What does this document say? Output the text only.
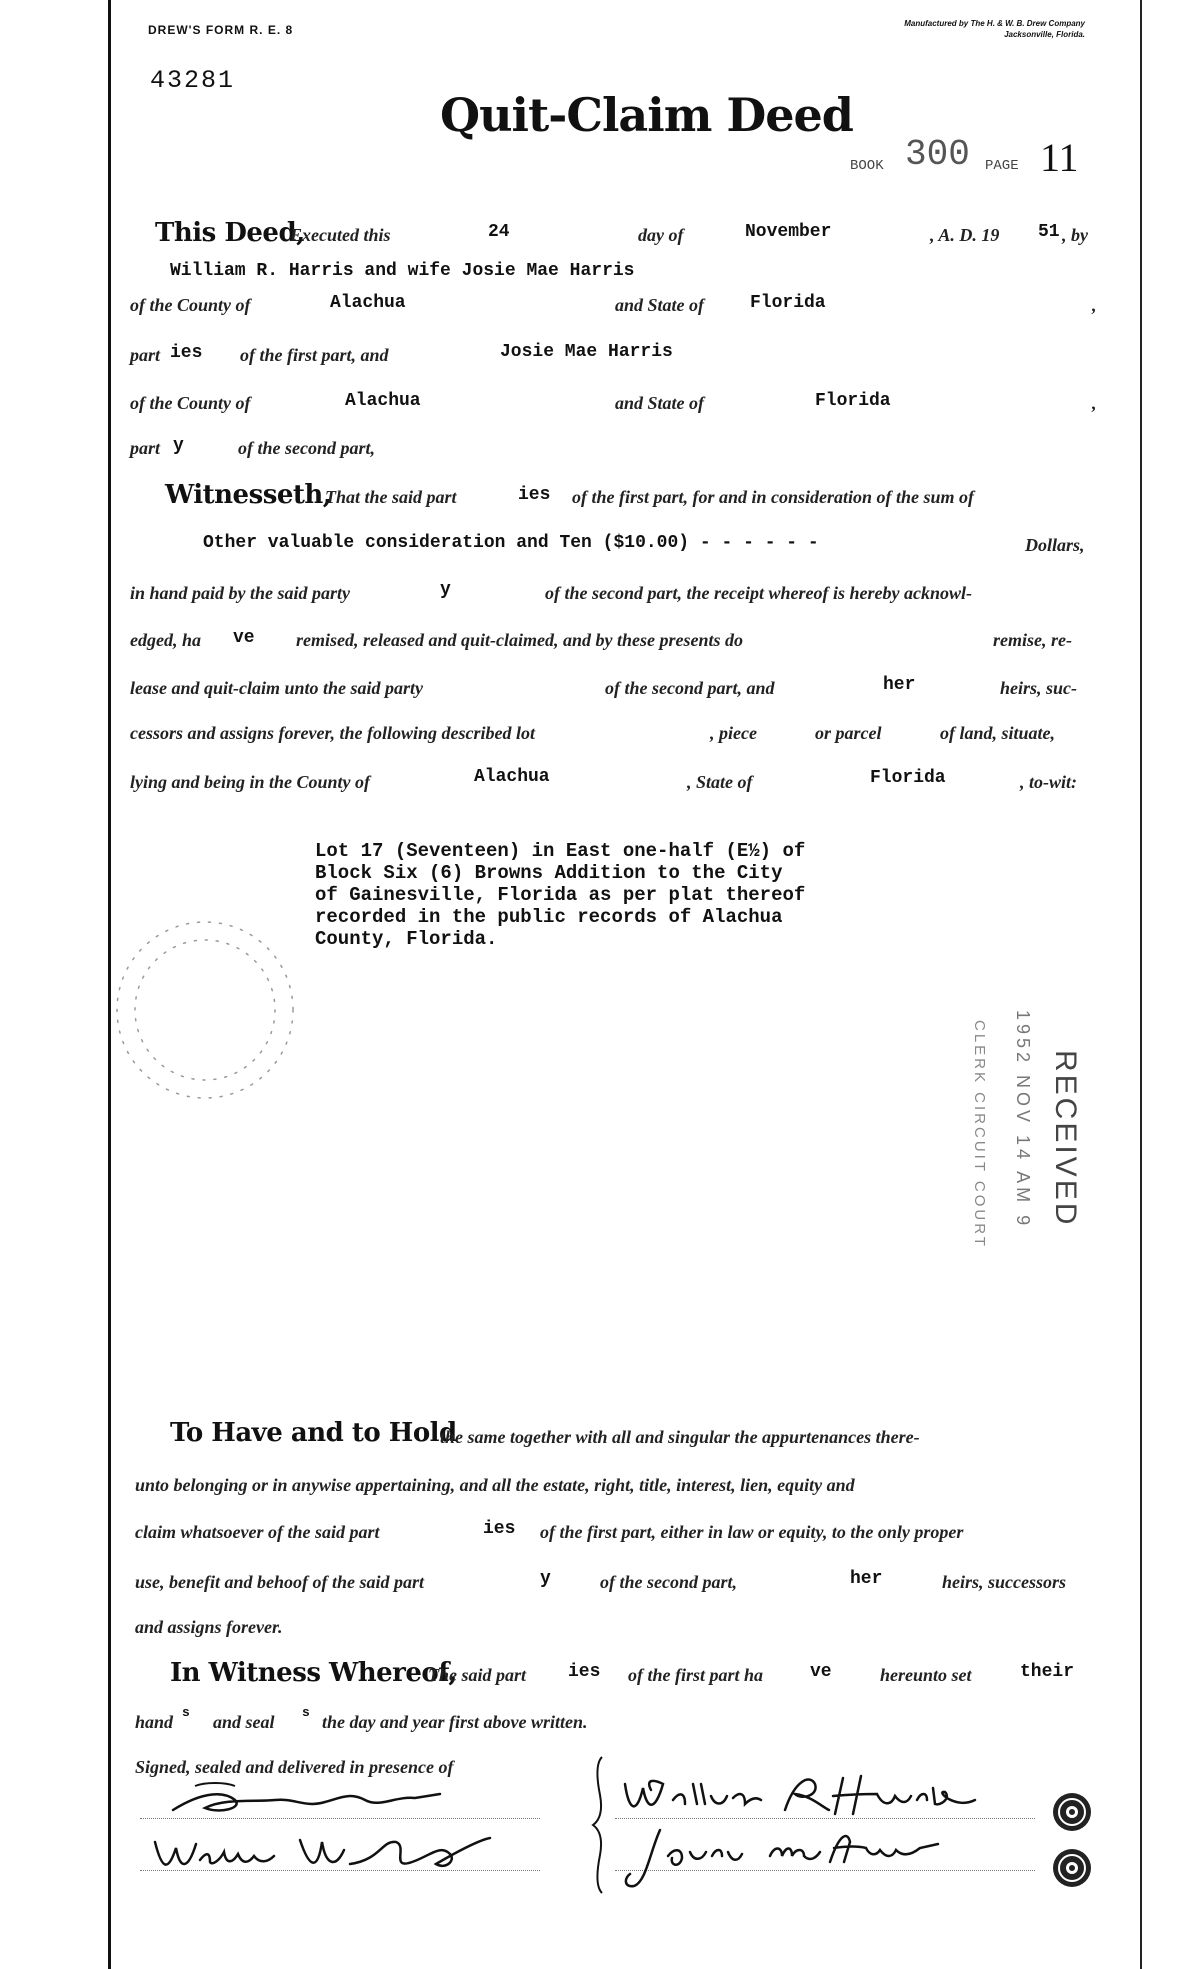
DREW'S FORM R. E. 8	Manufactured by The H. & W. B. Drew Company
Jacksonville, Florida.
43281
Quit-Claim Deed
BOOK 300 PAGE 11
This Deed,
Executed this	24	day of	November	, A. D. 19 51 , by
William R. Harris and wife Josie Mae Harris
of the County of	Alachua	and State of	Florida	,
part ies of the first part, and	Josie Mae Harris
of the County of	Alachua	and State of	Florida	,
part y	of the second part,
Witnesseth,
That the said part	ies of the first part, for and in consideration of the sum of
Other valuable consideration and Ten ($10.00) - - - - - -	Dollars,
in hand paid by the said party	y	of the second part, the receipt whereof is hereby acknowl-
edged, ha ve remised, released and quit-claimed, and by these presents do	remise, re-
lease and quit-claim unto the said party	of the second part, and	her	heirs, suc-
cessors and assigns forever, the following described lot	, piece	or parcel	of land, situate,
lying and being in the County of	Alachua	, State of	Florida	, to-wit:
Lot 17 (Seventeen) in East one-half (E½) of
Block Six (6) Browns Addition to the City
of Gainesville, Florida as per plat thereof
recorded in the public records of Alachua
County, Florida.
RECEIVED
1952 NOV 14 AM 9
CLERK CIRCUIT COURT
To Have and to Hold
the same together with all and singular the appurtenances there-
unto belonging or in anywise appertaining, and all the estate, right, title, interest, lien, equity and
claim whatsoever of the said part	ies of the first part, either in law or equity, to the only proper
use, benefit and behoof of the said part	y	of the second part,	her	heirs, successors
and assigns forever.
In Witness Whereof,
The said part ies of the first part ha	ve	hereunto set	their
hand s and seal s the day and year first above written.
Signed, sealed and delivered in presence of
